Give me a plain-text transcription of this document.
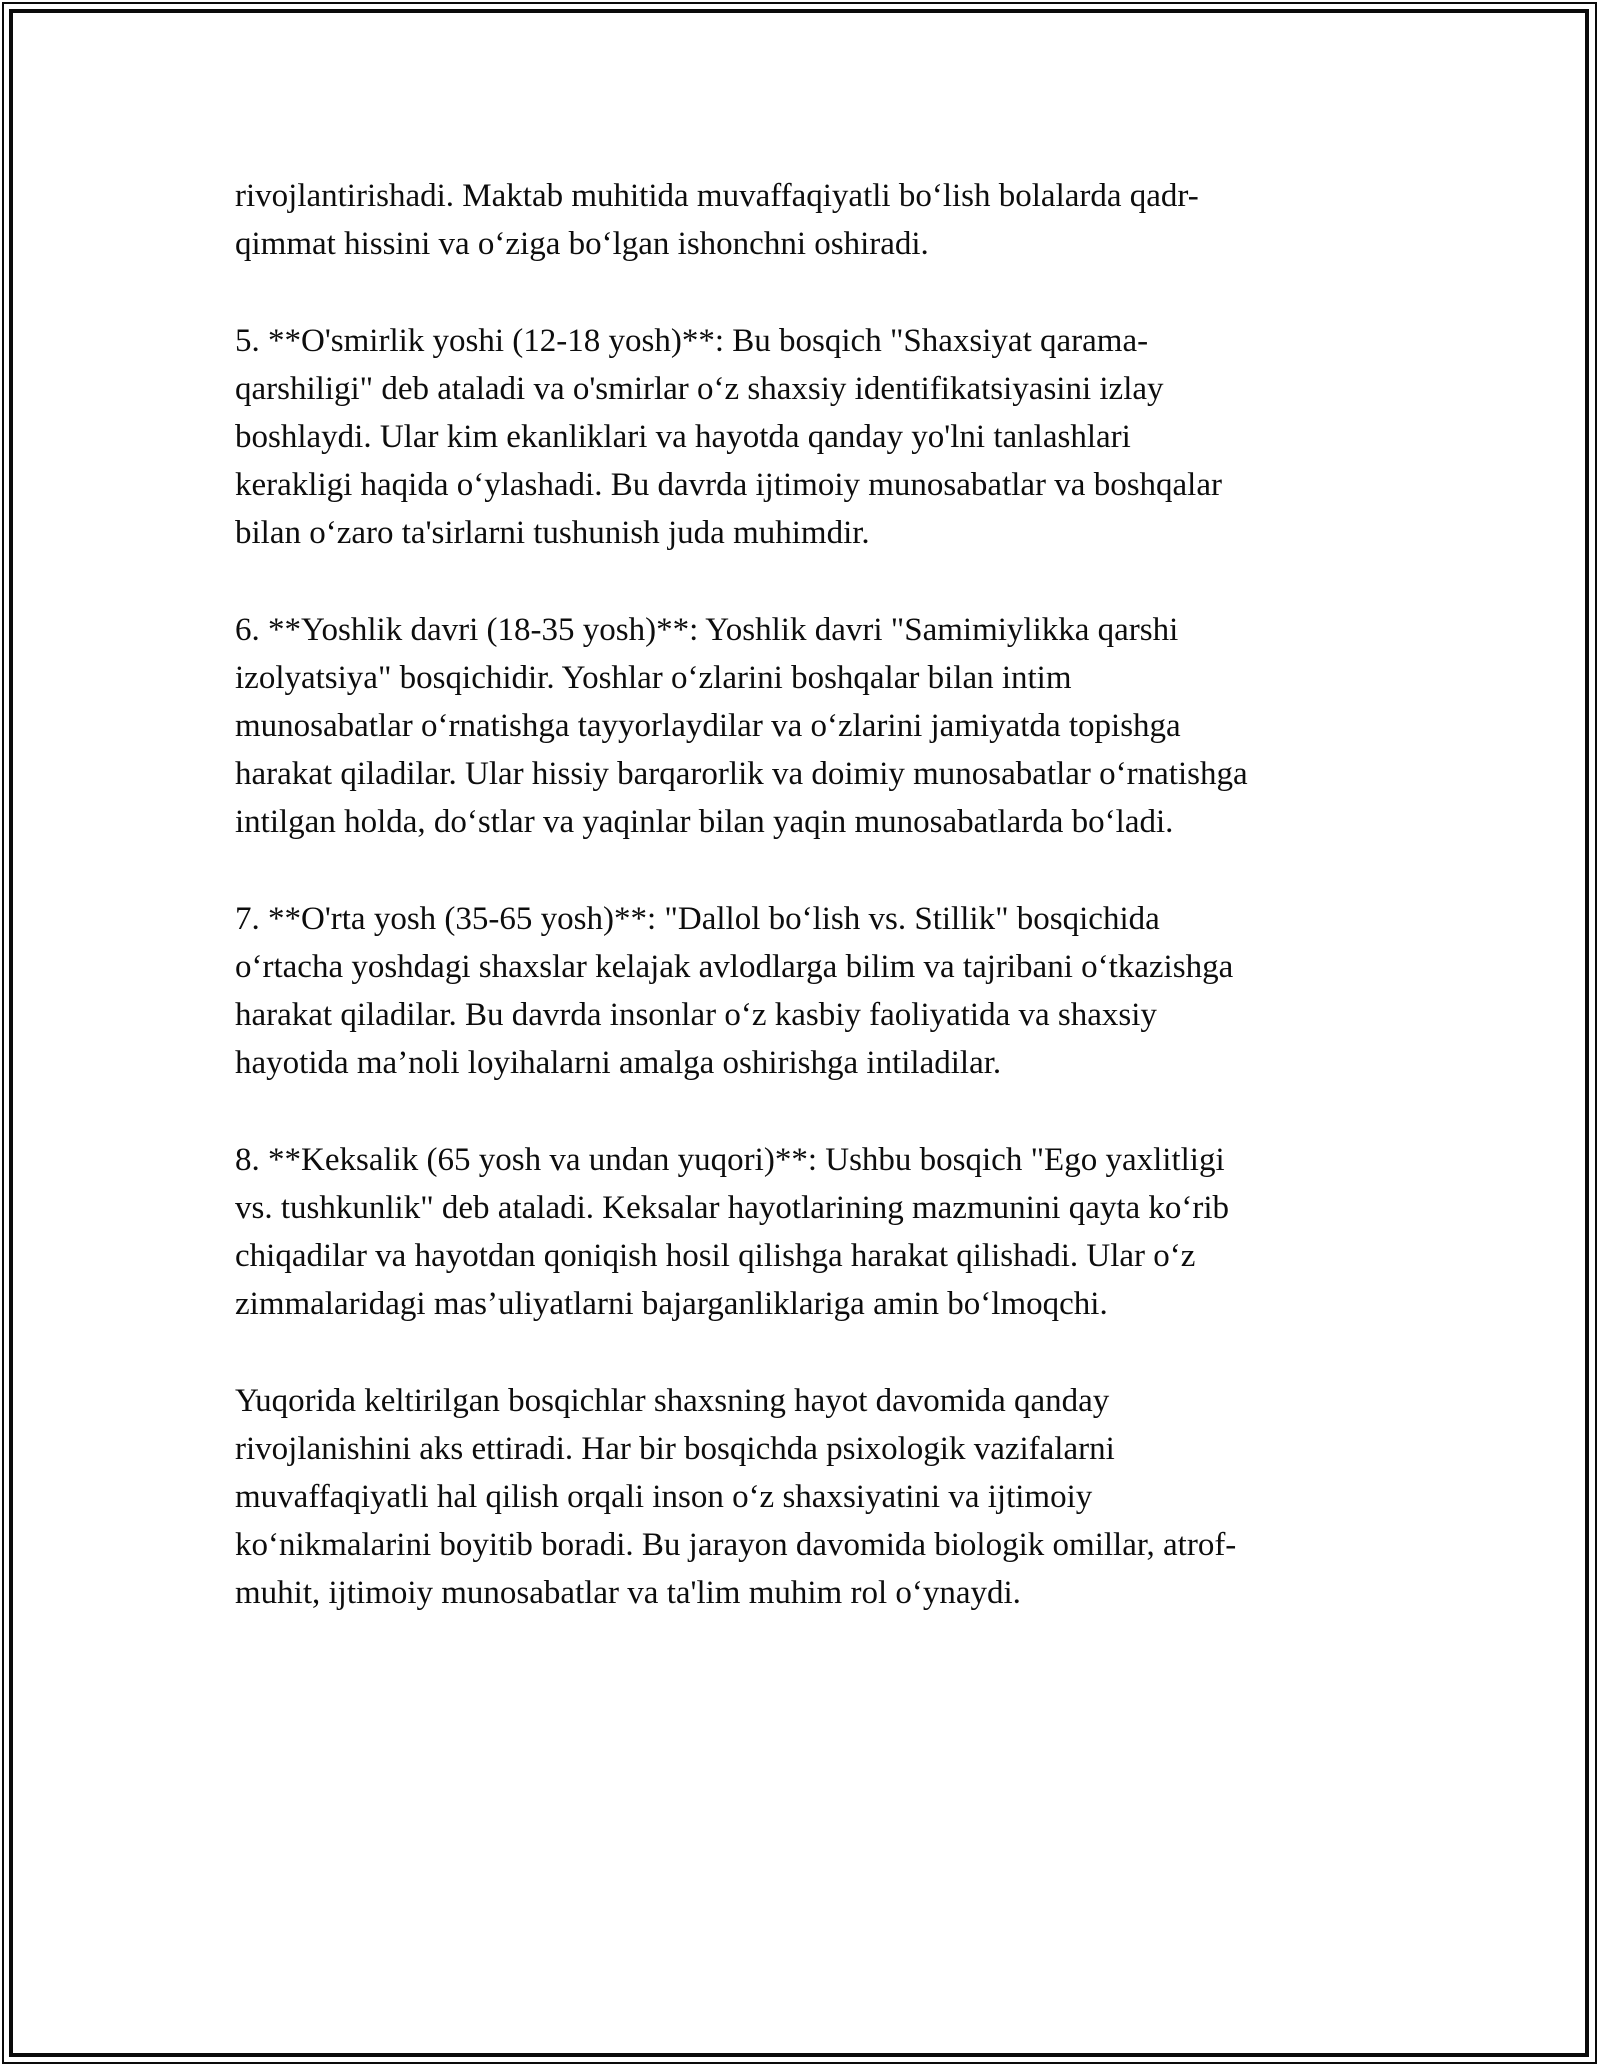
rivojlantirishadi. Maktab muhitida muvaffaqiyatli bo‘lish bolalarda qadr-
qimmat hissini va o‘ziga bo‘lgan ishonchni oshiradi.

5. **O'smirlik yoshi (12-18 yosh)**: Bu bosqich "Shaxsiyat qarama-
qarshiligi" deb ataladi va o'smirlar o‘z shaxsiy identifikatsiyasini izlay
boshlaydi. Ular kim ekanliklari va hayotda qanday yo'lni tanlashlari
kerakligi haqida o‘ylashadi. Bu davrda ijtimoiy munosabatlar va boshqalar
bilan o‘zaro ta'sirlarni tushunish juda muhimdir.

6. **Yoshlik davri (18-35 yosh)**: Yoshlik davri "Samimiylikka qarshi
izolyatsiya" bosqichidir. Yoshlar o‘zlarini boshqalar bilan intim
munosabatlar o‘rnatishga tayyorlaydilar va o‘zlarini jamiyatda topishga
harakat qiladilar. Ular hissiy barqarorlik va doimiy munosabatlar o‘rnatishga
intilgan holda, do‘stlar va yaqinlar bilan yaqin munosabatlarda bo‘ladi.

7. **O'rta yosh (35-65 yosh)**: "Dallol bo‘lish vs. Stillik" bosqichida
o‘rtacha yoshdagi shaxslar kelajak avlodlarga bilim va tajribani o‘tkazishga
harakat qiladilar. Bu davrda insonlar o‘z kasbiy faoliyatida va shaxsiy
hayotida ma’noli loyihalarni amalga oshirishga intiladilar.

8. **Keksalik (65 yosh va undan yuqori)**: Ushbu bosqich "Ego yaxlitligi
vs. tushkunlik" deb ataladi. Keksalar hayotlarining mazmunini qayta ko‘rib
chiqadilar va hayotdan qoniqish hosil qilishga harakat qilishadi. Ular o‘z
zimmalaridagi mas’uliyatlarni bajarganliklariga amin bo‘lmoqchi.

Yuqorida keltirilgan bosqichlar shaxsning hayot davomida qanday
rivojlanishini aks ettiradi. Har bir bosqichda psixologik vazifalarni
muvaffaqiyatli hal qilish orqali inson o‘z shaxsiyatini va ijtimoiy
ko‘nikmalarini boyitib boradi. Bu jarayon davomida biologik omillar, atrof-
muhit, ijtimoiy munosabatlar va ta'lim muhim rol o‘ynaydi.
